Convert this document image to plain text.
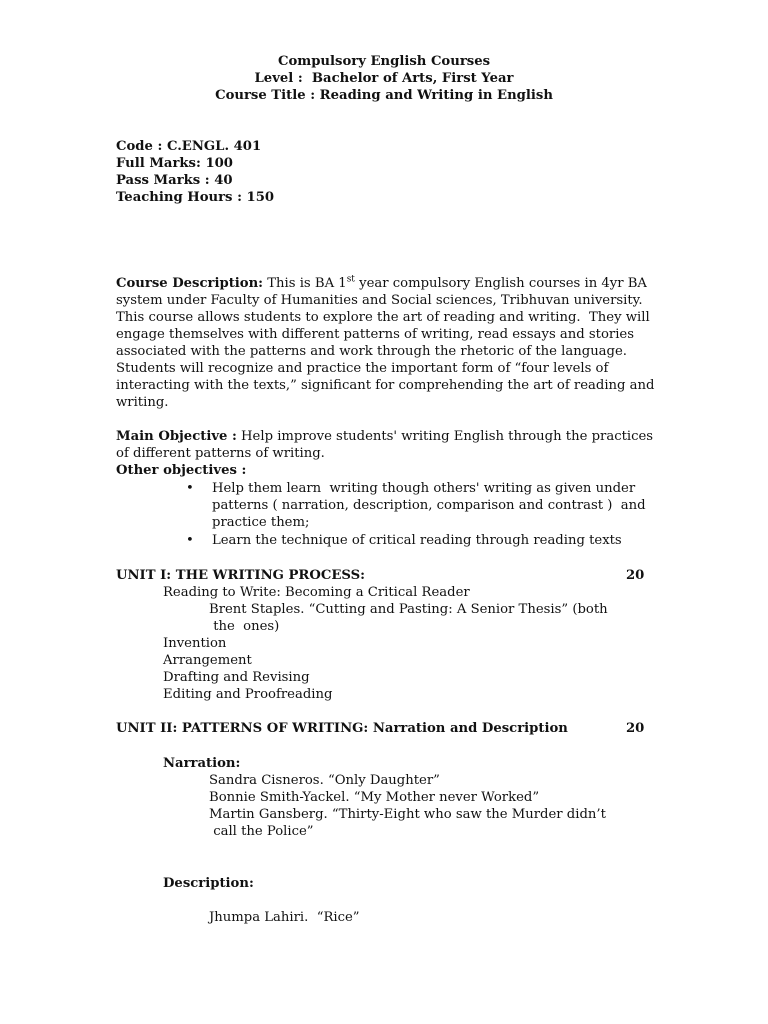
Compulsory English Courses
Level :  Bachelor of Arts, First Year
Course Title : Reading and Writing in English
Code : C.ENGL. 401
Full Marks: 100
Pass Marks : 40
Teaching Hours : 150
Course Description: This is BA 1st year compulsory English courses in 4yr BA
system under Faculty of Humanities and Social sciences, Tribhuvan university.
This course allows students to explore the art of reading and writing.  They will
engage themselves with different patterns of writing, read essays and stories
associated with the patterns and work through the rhetoric of the language.
Students will recognize and practice the important form of “four levels of
interacting with the texts,” significant for comprehending the art of reading and
writing.
Main Objective : Help improve students' writing English through the practices
of different patterns of writing.
Other objectives :
• Help them learn  writing though others' writing as given under
patterns ( narration, description, comparison and contrast )  and
practice them;
• Learn the technique of critical reading through reading texts
UNIT I: THE WRITING PROCESS:	20
Reading to Write: Becoming a Critical Reader
Brent Staples. “Cutting and Pasting: A Senior Thesis” (both
the  ones)
Invention
Arrangement
Drafting and Revising
Editing and Proofreading
UNIT II: PATTERNS OF WRITING: Narration and Description	20
Narration:
Sandra Cisneros. “Only Daughter”
Bonnie Smith-Yackel. “My Mother never Worked”
Martin Gansberg. “Thirty-Eight who saw the Murder didn’t
call the Police”
Description:
Jhumpa Lahiri.  “Rice”
